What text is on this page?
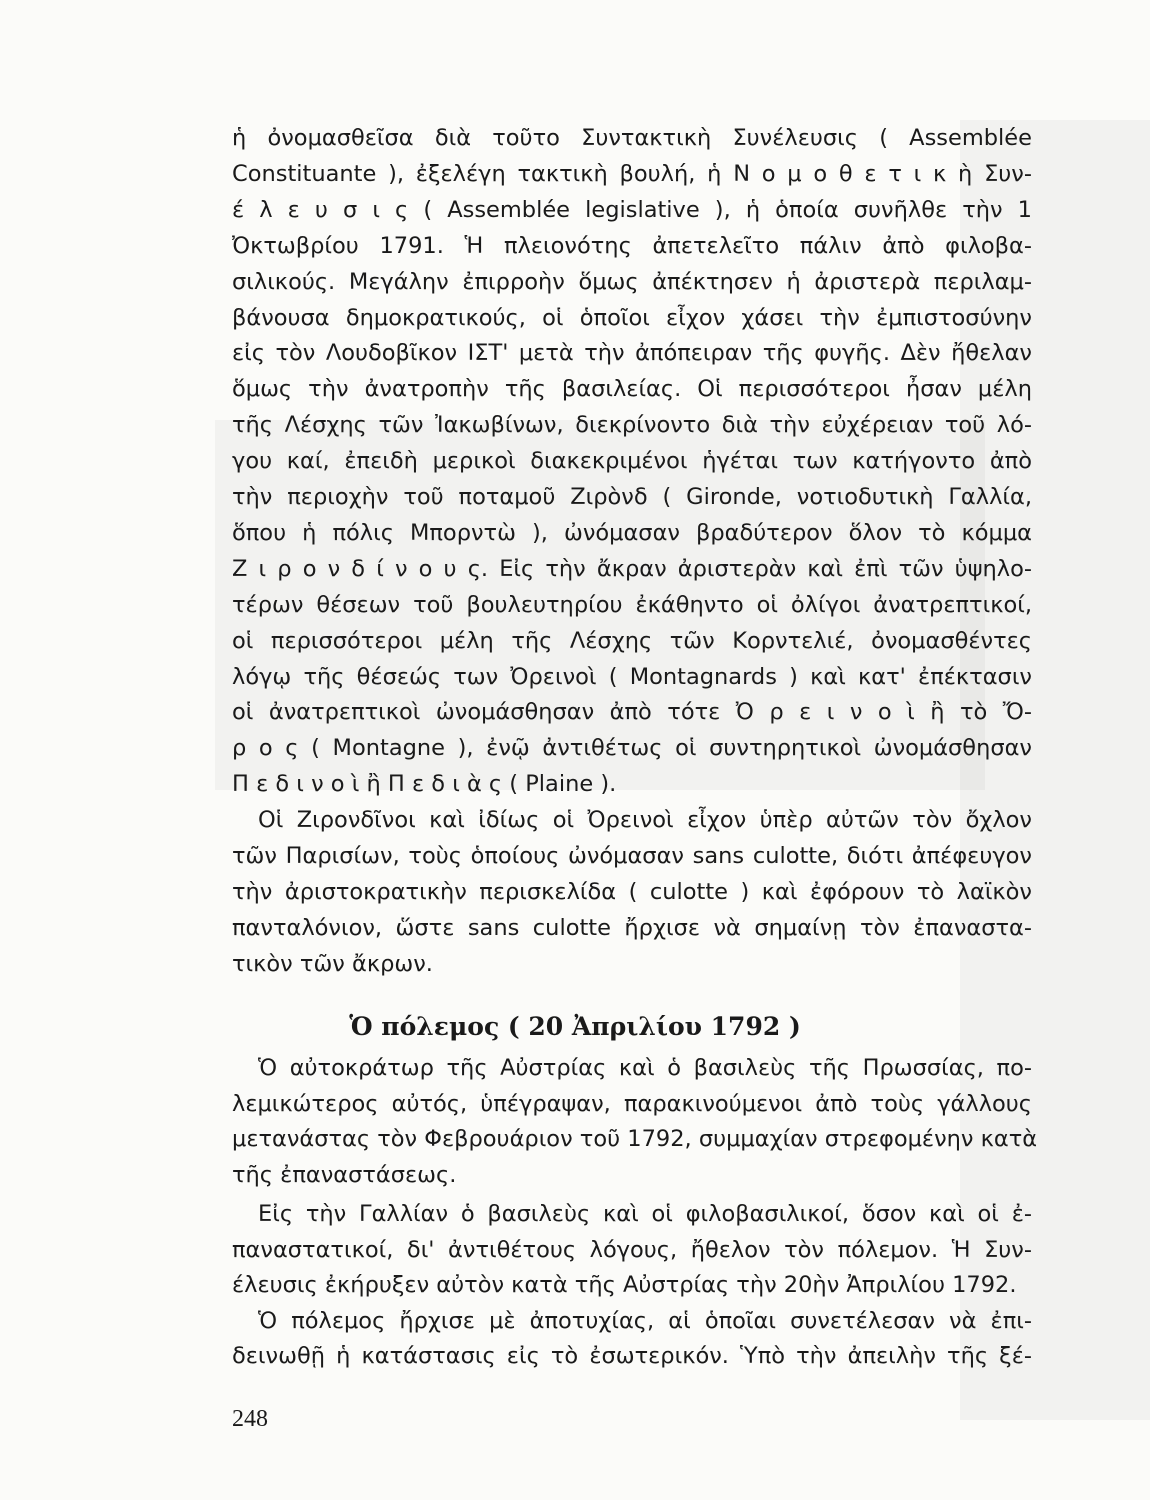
ἡ ὀνομασθεῖσα διὰ τοῦτο Συντακτικὴ Συνέλευσις ( Assemblée
Constituante ), ἐξελέγη τακτικὴ βουλή, ἡ Ν ο μ ο θ ε τ ι κ ὴ Συν-
έ λ ε υ σ ι ς ( Assemblée legislative ), ἡ ὁποία συνῆλθε τὴν 1
Ὀκτωβρίου 1791. Ἡ πλειονότης ἀπετελεῖτο πάλιν ἀπὸ φιλοβα-
σιλικούς. Μεγάλην ἐπιρροὴν ὅμως ἀπέκτησεν ἡ ἀριστερὰ περιλαμ-
βάνουσα δημοκρατικούς, οἱ ὁποῖοι εἶχον χάσει τὴν ἐμπιστοσύνην
εἰς τὸν Λουδοβῖκον ΙΣΤ' μετὰ τὴν ἀπόπειραν τῆς φυγῆς. Δὲν ἤθελαν
ὅμως τὴν ἀνατροπὴν τῆς βασιλείας. Οἱ περισσότεροι ἦσαν μέλη
τῆς Λέσχης τῶν Ἰακωβίνων, διεκρίνοντο διὰ τὴν εὐχέρειαν τοῦ λό-
γου καί, ἐπειδὴ μερικοὶ διακεκριμένοι ἡγέται των κατήγοντο ἀπὸ
τὴν περιοχὴν τοῦ ποταμοῦ Ζιρὸνδ ( Gironde, νοτιοδυτικὴ Γαλλία,
ὅπου ἡ πόλις Μπορντὼ ), ὠνόμασαν βραδύτερον ὅλον τὸ κόμμα
Ζ ι ρ ο ν δ ί ν ο υ ς. Εἰς τὴν ἄκραν ἀριστερὰν καὶ ἐπὶ τῶν ὑψηλο-
τέρων θέσεων τοῦ βουλευτηρίου ἐκάθηντο οἱ ὀλίγοι ἀνατρεπτικοί,
οἱ περισσότεροι μέλη τῆς Λέσχης τῶν Κορντελιέ, ὀνομασθέντες
λόγῳ τῆς θέσεώς των Ὀρεινοὶ ( Montagnards ) καὶ κατ' ἐπέκτασιν
οἱ ἀνατρεπτικοὶ ὠνομάσθησαν ἀπὸ τότε Ὀ ρ ε ι ν ο ὶ ἢ τὸ Ὄ-
ρ ο ς ( Montagne ), ἐνῷ ἀντιθέτως οἱ συντηρητικοὶ ὠνομάσθησαν
Π ε δ ι ν ο ὶ ἢ Π ε δ ι ὰ ς ( Plaine ).
Οἱ Ζιρονδῖνοι καὶ ἰδίως οἱ Ὀρεινοὶ εἶχον ὑπὲρ αὐτῶν τὸν ὄχλον
τῶν Παρισίων, τοὺς ὁποίους ὠνόμασαν sans culotte, διότι ἀπέφευγον
τὴν ἀριστοκρατικὴν περισκελίδα ( culotte ) καὶ ἐφόρουν τὸ λαϊκὸν
πανταλόνιον, ὥστε sans culotte ἤρχισε νὰ σημαίνῃ τὸν ἐπαναστα-
τικὸν τῶν ἄκρων.
Ὁ πόλεμος ( 20 Ἀπριλίου 1792 )
Ὁ αὐτοκράτωρ τῆς Αὐστρίας καὶ ὁ βασιλεὺς τῆς Πρωσσίας, πο-
λεμικώτερος αὐτός, ὑπέγραψαν, παρακινούμενοι ἀπὸ τοὺς γάλλους
μετανάστας τὸν Φεβρουάριον τοῦ 1792, συμμαχίαν στρεφομένην κατὰ
τῆς ἐπαναστάσεως.
Εἰς τὴν Γαλλίαν ὁ βασιλεὺς καὶ οἱ φιλοβασιλικοί, ὅσον καὶ οἱ ἐ-
παναστατικοί, δι' ἀντιθέτους λόγους, ἤθελον τὸν πόλεμον. Ἡ Συν-
έλευσις ἐκήρυξεν αὐτὸν κατὰ τῆς Αὐστρίας τὴν 20ὴν Ἀπριλίου 1792.
Ὁ πόλεμος ἤρχισε μὲ ἀποτυχίας, αἱ ὁποῖαι συνετέλεσαν νὰ ἐπι-
δεινωθῇ ἡ κατάστασις εἰς τὸ ἐσωτερικόν. Ὑπὸ τὴν ἀπειλὴν τῆς ξέ-
248
